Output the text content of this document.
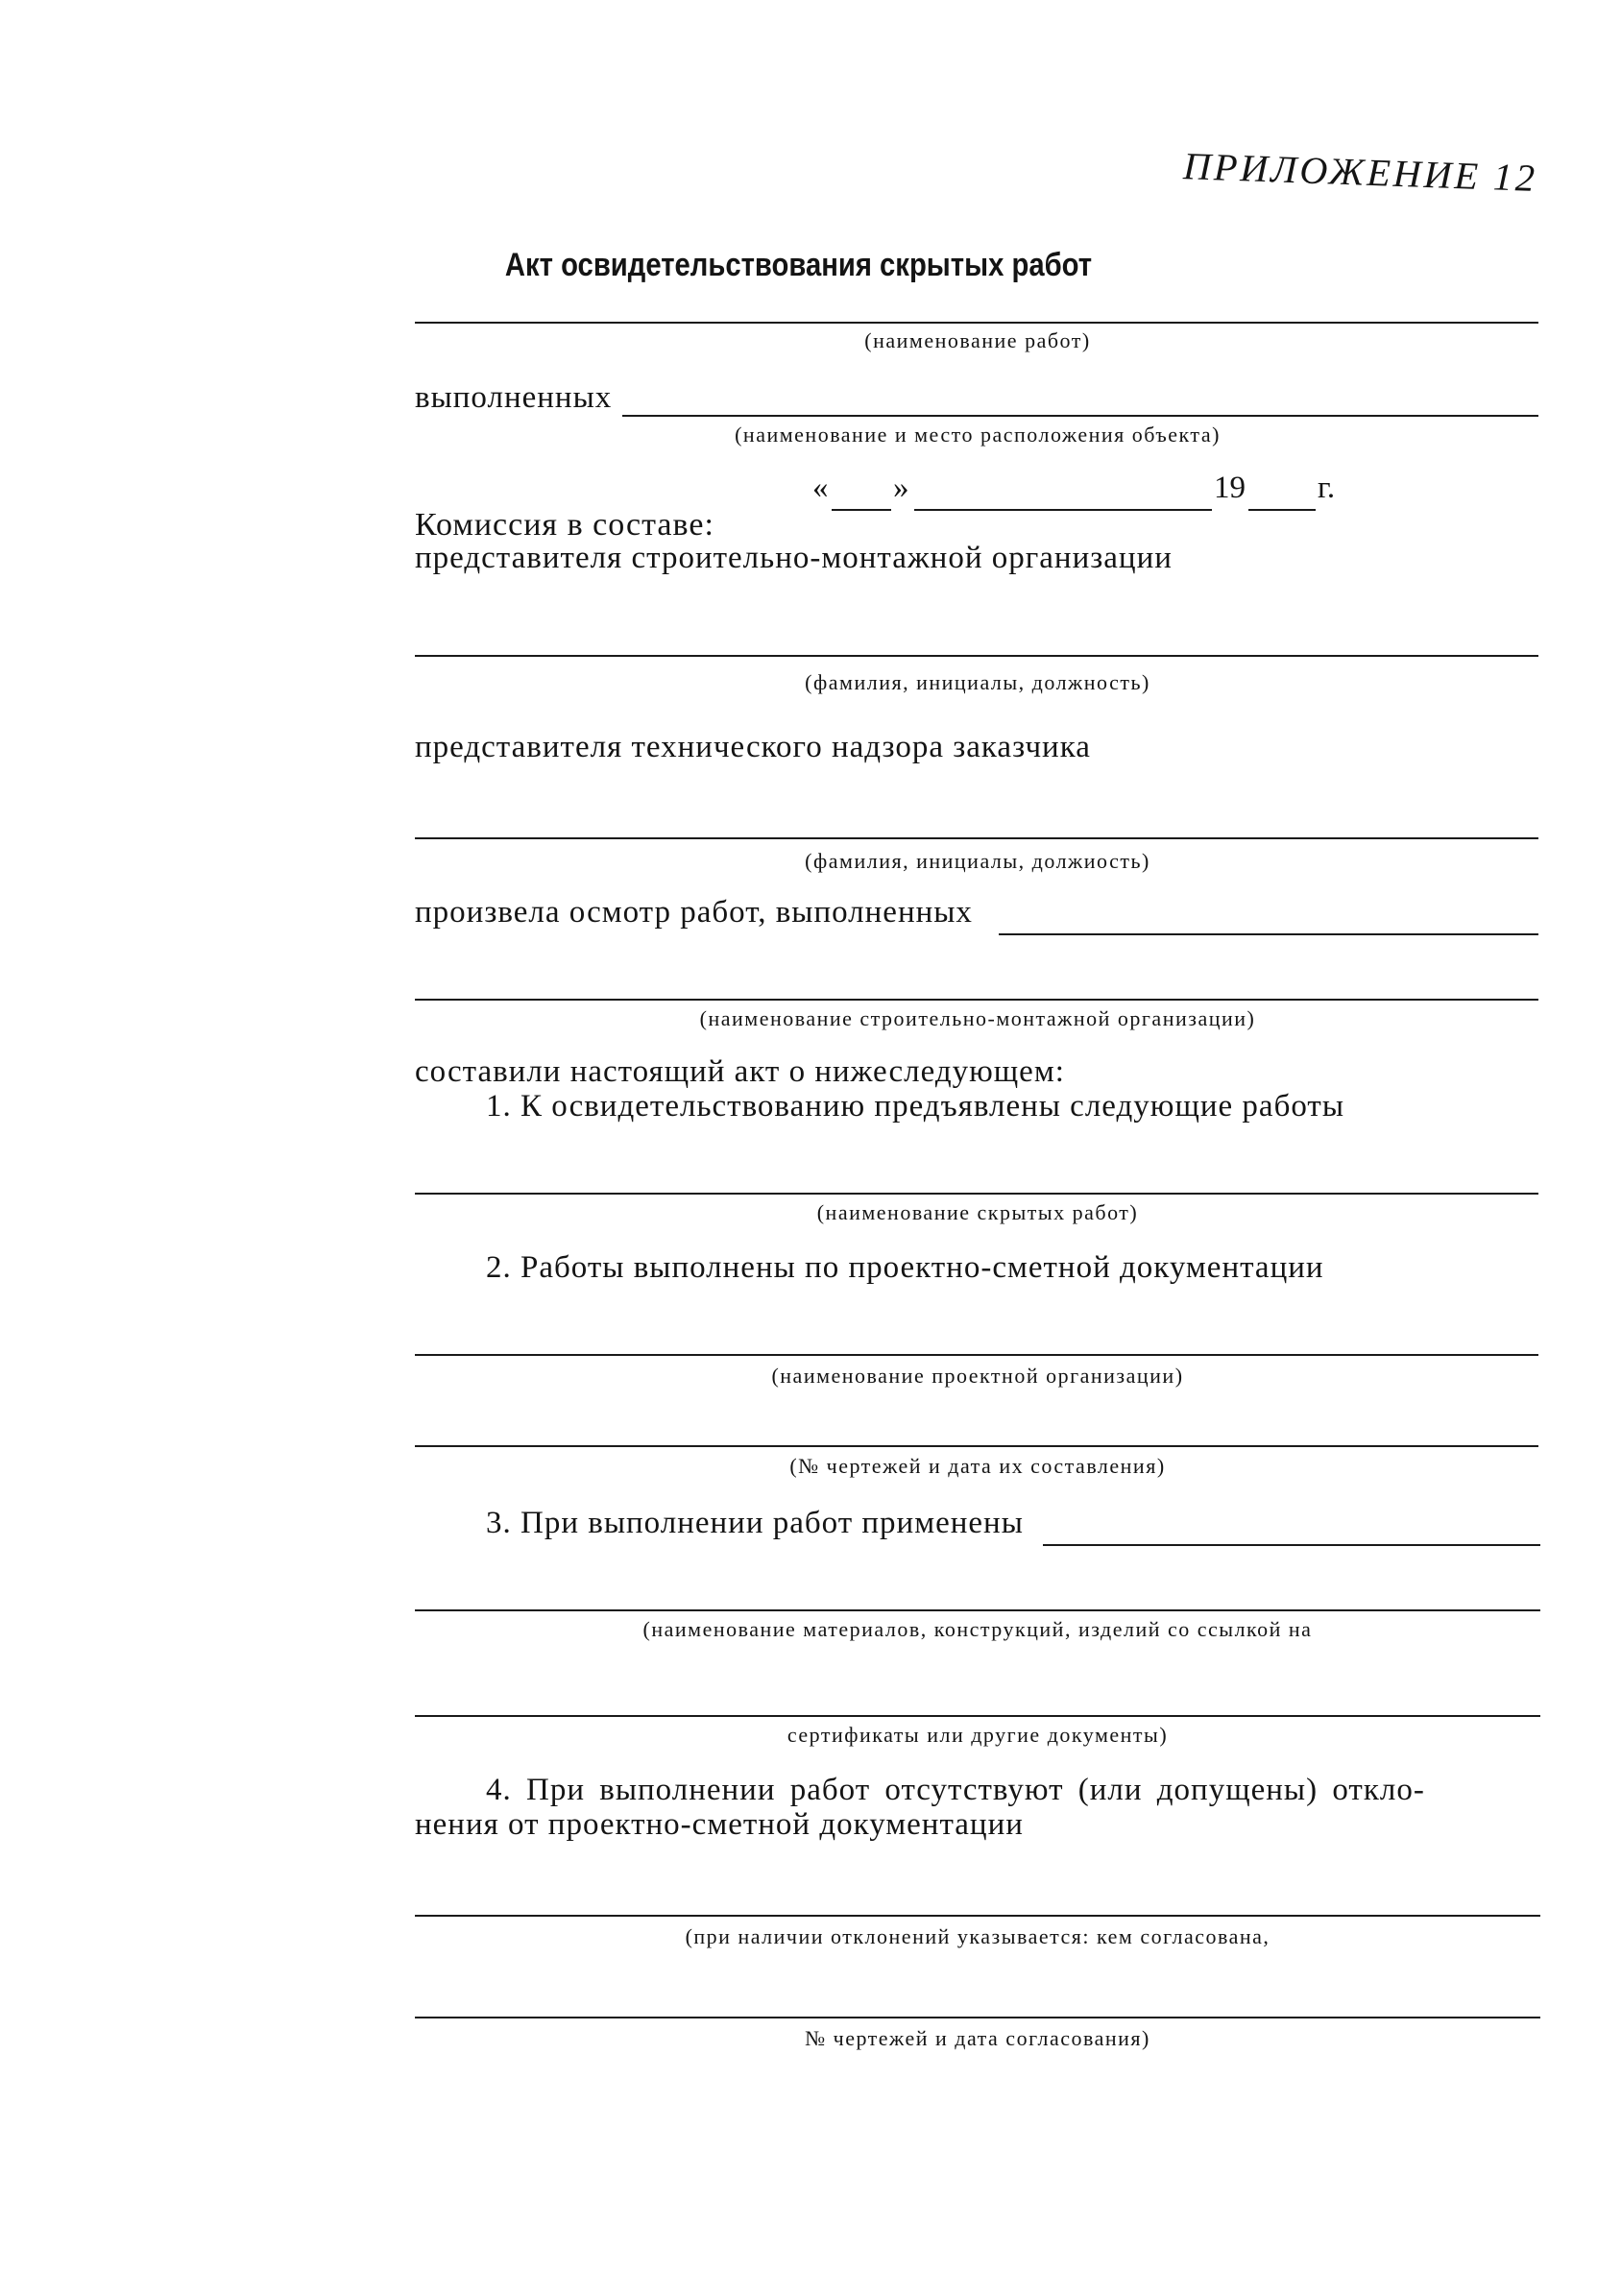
ПРИЛОЖЕНИЕ 12
Акт освидетельствования скрытых работ
(наименование работ)
выполненных
(наименование и место расположения объекта)
« »	19 г.
Комиссия в составе:
представителя строительно-монтажной организации
(фамилия, инициалы, должность)
представителя технического надзора заказчика
(фамилия, инициалы, должиость)
произвела осмотр работ, выполненных
(наименование строительно-монтажной организации)
составили настоящий акт о нижеследующем:
1. К освидетельствованию предъявлены следующие работы
(наименование скрытых работ)
2. Работы выполнены по проектно-сметной документации
(наименование проектной организации)
(№ чертежей и дата их составления)
3. При выполнении работ применены
(наименование материалов, конструкций, изделий со ссылкой на
сертификаты или другие документы)
4. При выполнении работ отсутствуют (или допущены) откло-
нения от проектно-сметной документации
(при наличии отклонений указывается: кем согласована,
№ чертежей и дата согласования)
